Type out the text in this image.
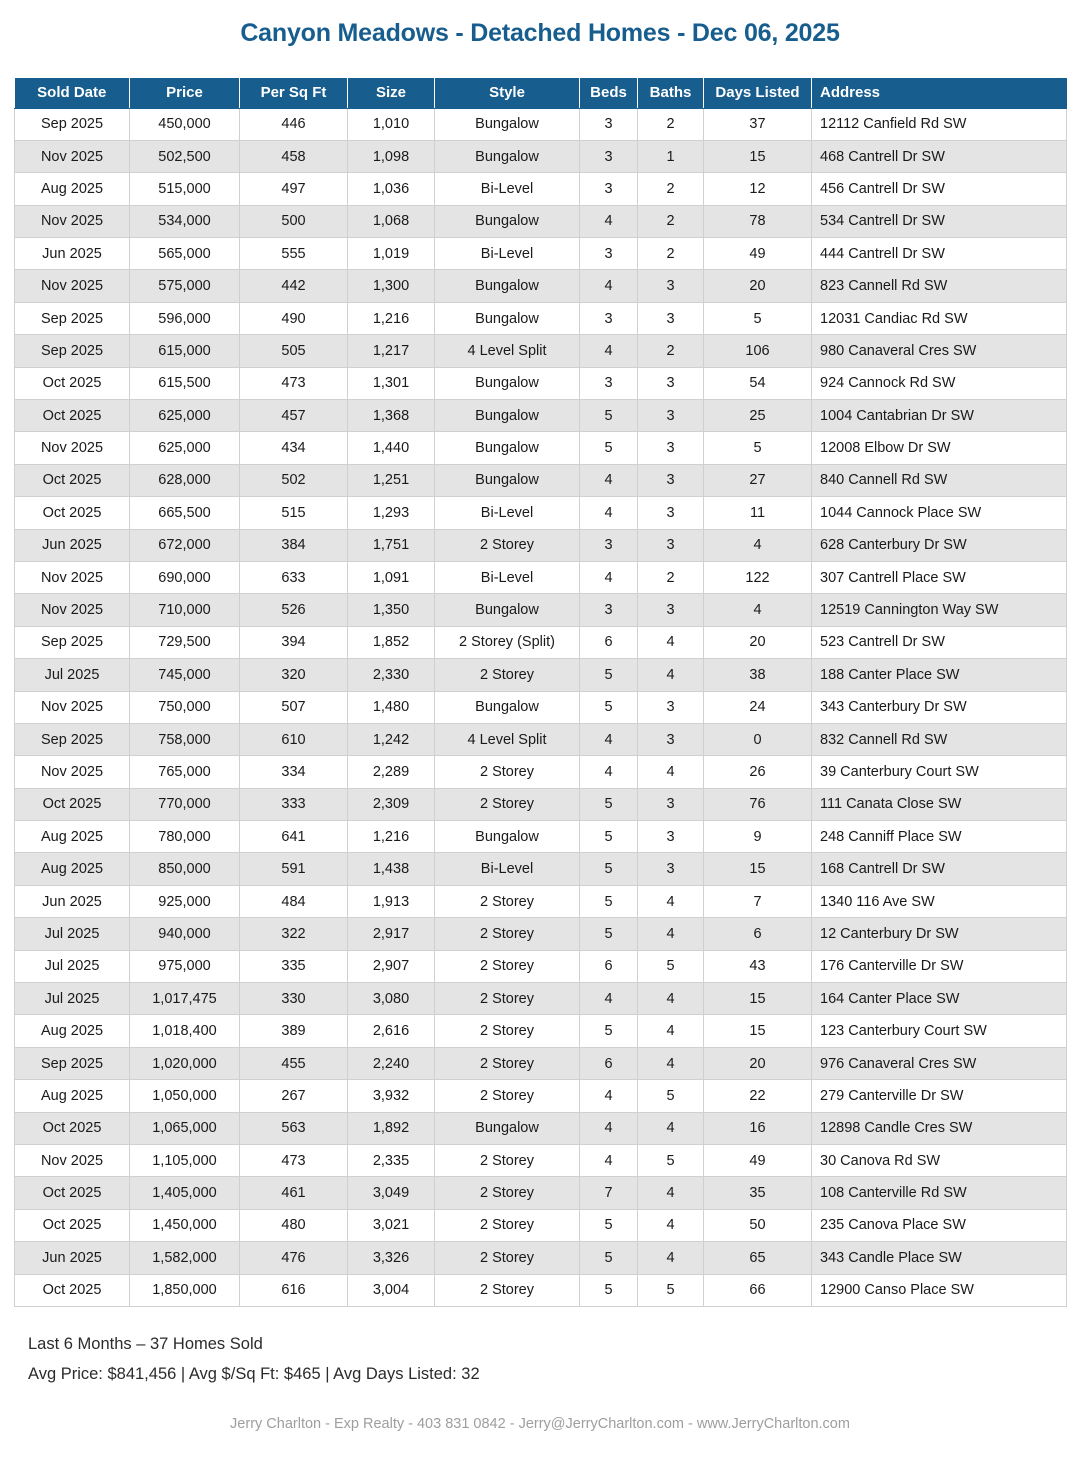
Canyon Meadows - Detached Homes - Dec 06, 2025
Sold Date	Price	Per Sq Ft	Size	Style	Beds	Baths	Days Listed	Address
Sep 2025	450,000	446	1,010	Bungalow	3	2	37	12112 Canfield Rd SW
Nov 2025	502,500	458	1,098	Bungalow	3	1	15	468 Cantrell Dr SW
Aug 2025	515,000	497	1,036	Bi-Level	3	2	12	456 Cantrell Dr SW
Nov 2025	534,000	500	1,068	Bungalow	4	2	78	534 Cantrell Dr SW
Jun 2025	565,000	555	1,019	Bi-Level	3	2	49	444 Cantrell Dr SW
Nov 2025	575,000	442	1,300	Bungalow	4	3	20	823 Cannell Rd SW
Sep 2025	596,000	490	1,216	Bungalow	3	3	5	12031 Candiac Rd SW
Sep 2025	615,000	505	1,217	4 Level Split	4	2	106	980 Canaveral Cres SW
Oct 2025	615,500	473	1,301	Bungalow	3	3	54	924 Cannock Rd SW
Oct 2025	625,000	457	1,368	Bungalow	5	3	25	1004 Cantabrian Dr SW
Nov 2025	625,000	434	1,440	Bungalow	5	3	5	12008 Elbow Dr SW
Oct 2025	628,000	502	1,251	Bungalow	4	3	27	840 Cannell Rd SW
Oct 2025	665,500	515	1,293	Bi-Level	4	3	11	1044 Cannock Place SW
Jun 2025	672,000	384	1,751	2 Storey	3	3	4	628 Canterbury Dr SW
Nov 2025	690,000	633	1,091	Bi-Level	4	2	122	307 Cantrell Place SW
Nov 2025	710,000	526	1,350	Bungalow	3	3	4	12519 Cannington Way SW
Sep 2025	729,500	394	1,852	2 Storey (Split)	6	4	20	523 Cantrell Dr SW
Jul 2025	745,000	320	2,330	2 Storey	5	4	38	188 Canter Place SW
Nov 2025	750,000	507	1,480	Bungalow	5	3	24	343 Canterbury Dr SW
Sep 2025	758,000	610	1,242	4 Level Split	4	3	0	832 Cannell Rd SW
Nov 2025	765,000	334	2,289	2 Storey	4	4	26	39 Canterbury Court SW
Oct 2025	770,000	333	2,309	2 Storey	5	3	76	111 Canata Close SW
Aug 2025	780,000	641	1,216	Bungalow	5	3	9	248 Canniff Place SW
Aug 2025	850,000	591	1,438	Bi-Level	5	3	15	168 Cantrell Dr SW
Jun 2025	925,000	484	1,913	2 Storey	5	4	7	1340 116 Ave SW
Jul 2025	940,000	322	2,917	2 Storey	5	4	6	12 Canterbury Dr SW
Jul 2025	975,000	335	2,907	2 Storey	6	5	43	176 Canterville Dr SW
Jul 2025	1,017,475	330	3,080	2 Storey	4	4	15	164 Canter Place SW
Aug 2025	1,018,400	389	2,616	2 Storey	5	4	15	123 Canterbury Court SW
Sep 2025	1,020,000	455	2,240	2 Storey	6	4	20	976 Canaveral Cres SW
Aug 2025	1,050,000	267	3,932	2 Storey	4	5	22	279 Canterville Dr SW
Oct 2025	1,065,000	563	1,892	Bungalow	4	4	16	12898 Candle Cres SW
Nov 2025	1,105,000	473	2,335	2 Storey	4	5	49	30 Canova Rd SW
Oct 2025	1,405,000	461	3,049	2 Storey	7	4	35	108 Canterville Rd SW
Oct 2025	1,450,000	480	3,021	2 Storey	5	4	50	235 Canova Place SW
Jun 2025	1,582,000	476	3,326	2 Storey	5	4	65	343 Candle Place SW
Oct 2025	1,850,000	616	3,004	2 Storey	5	5	66	12900 Canso Place SW
Last 6 Months – 37 Homes Sold
Avg Price: $841,456 | Avg $/Sq Ft: $465 | Avg Days Listed: 32
Jerry Charlton - Exp Realty - 403 831 0842 - Jerry@JerryCharlton.com - www.JerryCharlton.com
